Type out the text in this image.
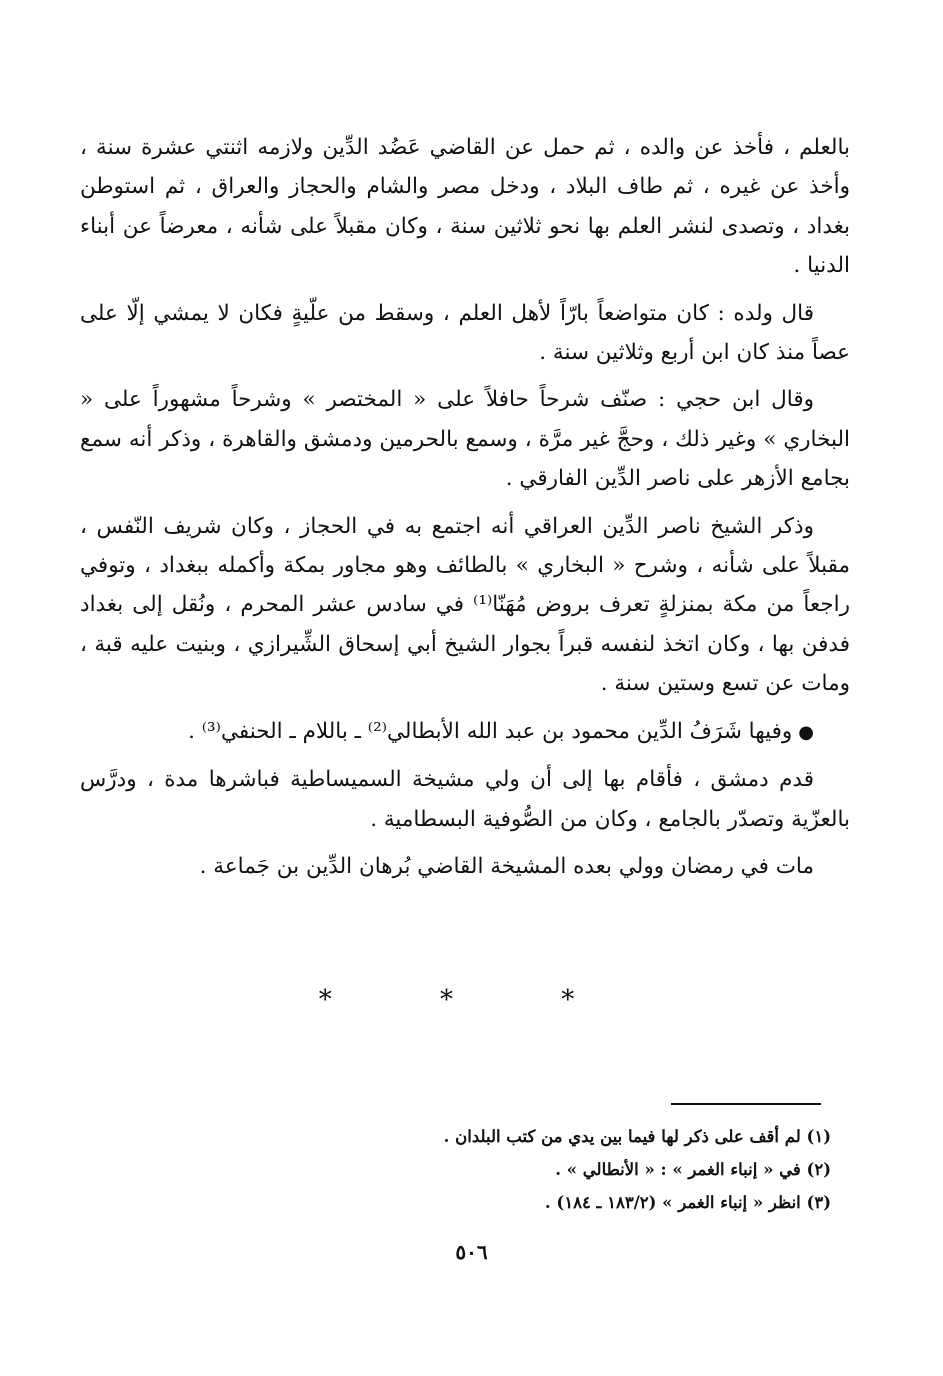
بالعلم ، فأخذ عن والده ، ثم حمل عن القاضي عَضُد الدِّين ولازمه اثنتي عشرة سنة ، وأخذ عن غيره ، ثم طاف البلاد ، ودخل مصر والشام والحجاز والعراق ، ثم استوطن بغداد ، وتصدى لنشر العلم بها نحو ثلاثين سنة ، وكان مقبلاً على شأنه ، معرضاً عن أبناء الدنيا .

قال ولده : كان متواضعاً بارّاً لأهل العلم ، وسقط من علّيةٍ فكان لا يمشي إلّا على عصاً منذ كان ابن أربع وثلاثين سنة .

وقال ابن حجي : صنّف شرحاً حافلاً على « المختصر » وشرحاً مشهوراً على « البخاري » وغير ذلك ، وحجَّ غير مرَّة ، وسمع بالحرمين ودمشق والقاهرة ، وذكر أنه سمع بجامع الأزهر على ناصر الدِّين الفارقي .

وذكر الشيخ ناصر الدِّين العراقي أنه اجتمع به في الحجاز ، وكان شريف النّفس ، مقبلاً على شأنه ، وشرح « البخاري » بالطائف وهو مجاور بمكة وأكمله ببغداد ، وتوفي راجعاً من مكة بمنزلةٍ تعرف بروض مُهَنّا⁽¹⁾ في سادس عشر المحرم ، ونُقل إلى بغداد فدفن بها ، وكان اتخذ لنفسه قبراً بجوار الشيخ أبي إسحاق الشِّيرازي ، وبنيت عليه قبة ، ومات عن تسع وستين سنة .

●وفيها شَرَفُ الدِّين محمود بن عبد الله الأبطالي⁽²⁾ ـ باللام ـ الحنفي⁽³⁾ .

قدم دمشق ، فأقام بها إلى أن ولي مشيخة السميساطية فباشرها مدة ، ودرَّس بالعزّية وتصدّر بالجامع ، وكان من الصُّوفية البسطامية .

مات في رمضان وولي بعده المشيخة القاضي بُرهان الدِّين بن جَماعة .

* * *

(١) لم أقف على ذكر لها فيما بين يدي من كتب البلدان .

(٢) في « إنباء الغمر » : « الأنطالي » .

(٣) انظر « إنباء الغمر » (١٨٣/٢ ـ ١٨٤) .

٥٠٦
